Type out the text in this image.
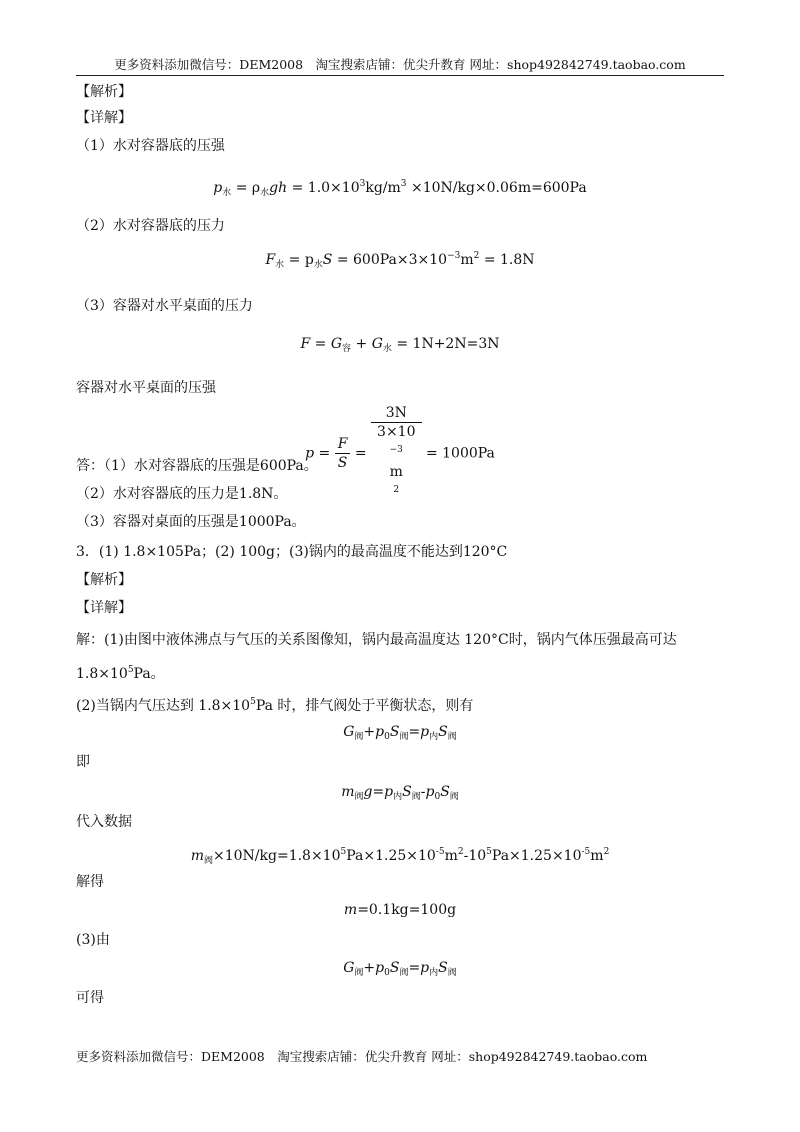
更多资料添加微信号：DEM2008　淘宝搜索店铺：优尖升教育 网址：shop492842749.taobao.com
【解析】
【详解】
（1）水对容器底的压强
$p_水 = \rho_水gh = 1.0\times 10^3kg/m^3 \times 10N/kg\times 0.06m=600Pa$
（2）水对容器底的压力
$F_水 = p_水S = 600Pa\times 3\times 10^{-3}m^2 = 1.8N$
（3）容器对水平桌面的压力
$F = G_容 + G_水 = 1N+2N=3N$
容器对水平桌面的压强
$p = \frac{F}{S} = 3N$
3×10
$^{-3}$
m
$^2$ = 1000Pa
答：（1）水对容器底的压强是600Pa。
（2）水对容器底的压力是1.8N。
（3）容器对桌面的压强是1000Pa。
3．(1) 1.8×105Pa；(2) 100g；(3)锅内的最高温度不能达到120°C
【解析】
【详解】
解：(1)由图中液体沸点与气压的关系图像知，锅内最高温度达 120°C时，锅内气体压强最高可达
$1.8\times 10^5Pa$。
(2)当锅内气压达到 $1.8\times 10^5Pa$ 时，排气阀处于平衡状态，则有
$G_阀+p_0S_阀=p_内S_阀$
即
$m_阀g=p_内S_阀-p_0S_阀$
代入数据
$m_阀\times 10N/kg=1.8\times 10^5Pa\times 1.25\times 10^{-5}m^2-10^5Pa\times 1.25\times 10^{-5}m^2$
解得
m=0.1kg=100g
(3)由
$G_阀+p_0S_阀=p_内S_阀$
可得
更多资料添加微信号：DEM2008　淘宝搜索店铺：优尖升教育 网址：shop492842749.taobao.com
